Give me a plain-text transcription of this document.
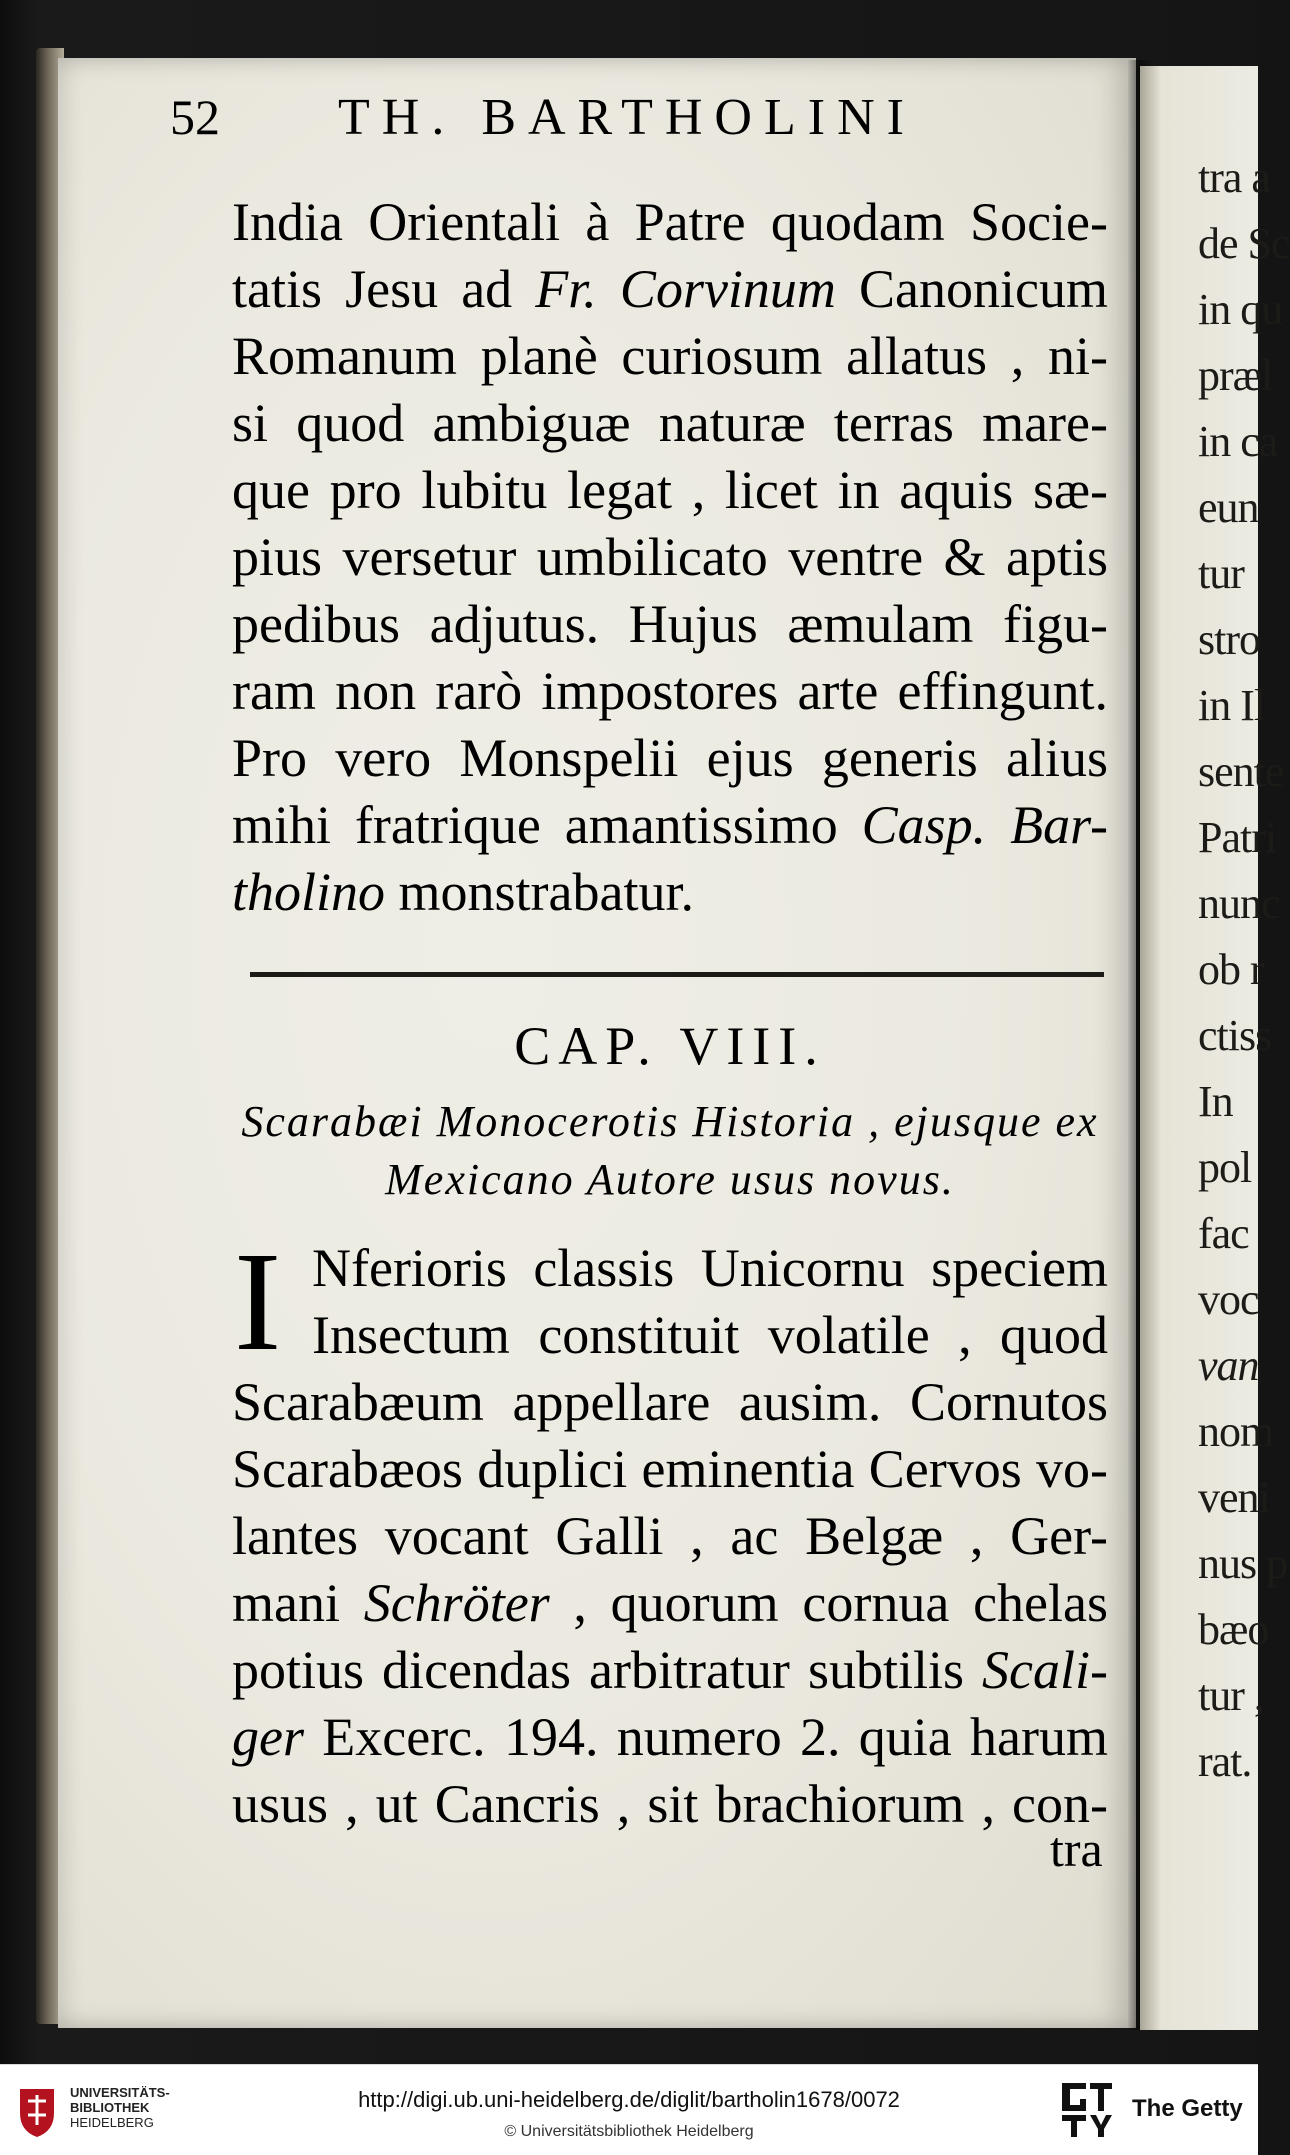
tra a
de Sc
in qu
præl
in ca
eun
tur
stro
in Il
sente
Patri
nunc
ob r
ctiss
In
pol
fac
voc
van
nom
veni
nus p
bæo
tur ,
rat.
52 TH. BARTHOLINI
India Orientali à Patre quodam Socie-
tatis Jesu ad Fr. Corvinum Canonicum
Romanum planè curiosum allatus , ni-
si quod ambiguæ naturæ terras mare-
que pro lubitu legat , licet in aquis sæ-
pius versetur umbilicato ventre & aptis
pedibus adjutus. Hujus æmulam figu-
ram non rarò impostores arte effingunt.
Pro vero Monspelii ejus generis alius
mihi fratrique amantissimo Casp. Bar-
tholino monstrabatur.
CAP. VIII.
Scarabæi Monocerotis Historia , ejusque ex
Mexicano Autore usus novus.
I Nferioris classis Unicornu speciem
Insectum constituit volatile , quod
Scarabæum appellare ausim. Cornutos
Scarabæos duplici eminentia Cervos vo-
lantes vocant Galli , ac Belgæ , Ger-
mani Schröter , quorum cornua chelas
potius dicendas arbitratur subtilis Scali-
ger Excerc. 194. numero 2. quia harum
usus , ut Cancris , sit brachiorum , con-
tra
UNIVERSITÄTS-
BIBLIOTHEK
HEIDELBERG
http://digi.ub.uni-heidelberg.de/diglit/bartholin1678/0072
© Universitätsbibliothek Heidelberg
The Getty
